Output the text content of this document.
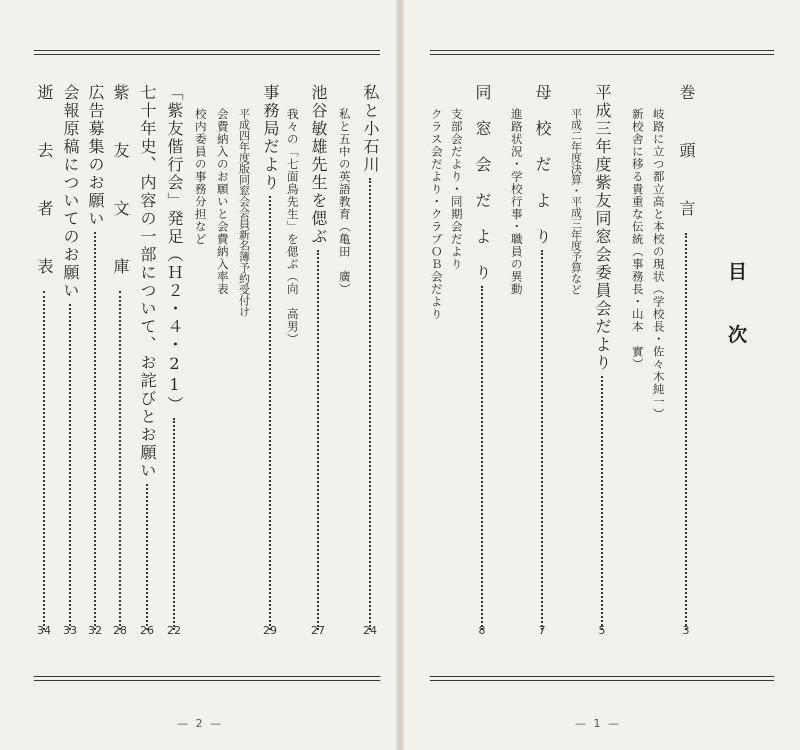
目
次
巻　頭　言
岐路に立つ都立高と本校の現状（学校長・佐々木純一）
新校舎に移る貴重な伝統（事務長・山本　實）
平成三年度紫友同窓会委員会だより
平成二年度決算・平成三年度予算など
母　校　だ　よ　り
進路状況・学校行事・職員の異動
同　窓　会　だ　よ　り
支部会だより・同期会だより
クラス会だより・クラブＯＢ会だより
3
5
7
8
私と小石川
私と五中の英語教育（亀田　廣）
池谷敏雄先生を偲ぶ
我々の「七面鳥先生」を偲ぶ（向　高男）
事務局だより
平成四年度版同窓会会員新名簿予約受付け
会費納入のお願いと会費納入率表
校内委員の事務分担など
「紫友偕行会」発足（Ｈ２・４・21）
七十年史、内容の一部について、お詫びとお願い
紫　友　文　庫
広告募集のお願い
会報原稿についてのお願い
逝　去　者　表
24
27
29
22
26
28
32
33
34
— 2 —	— 1 —
